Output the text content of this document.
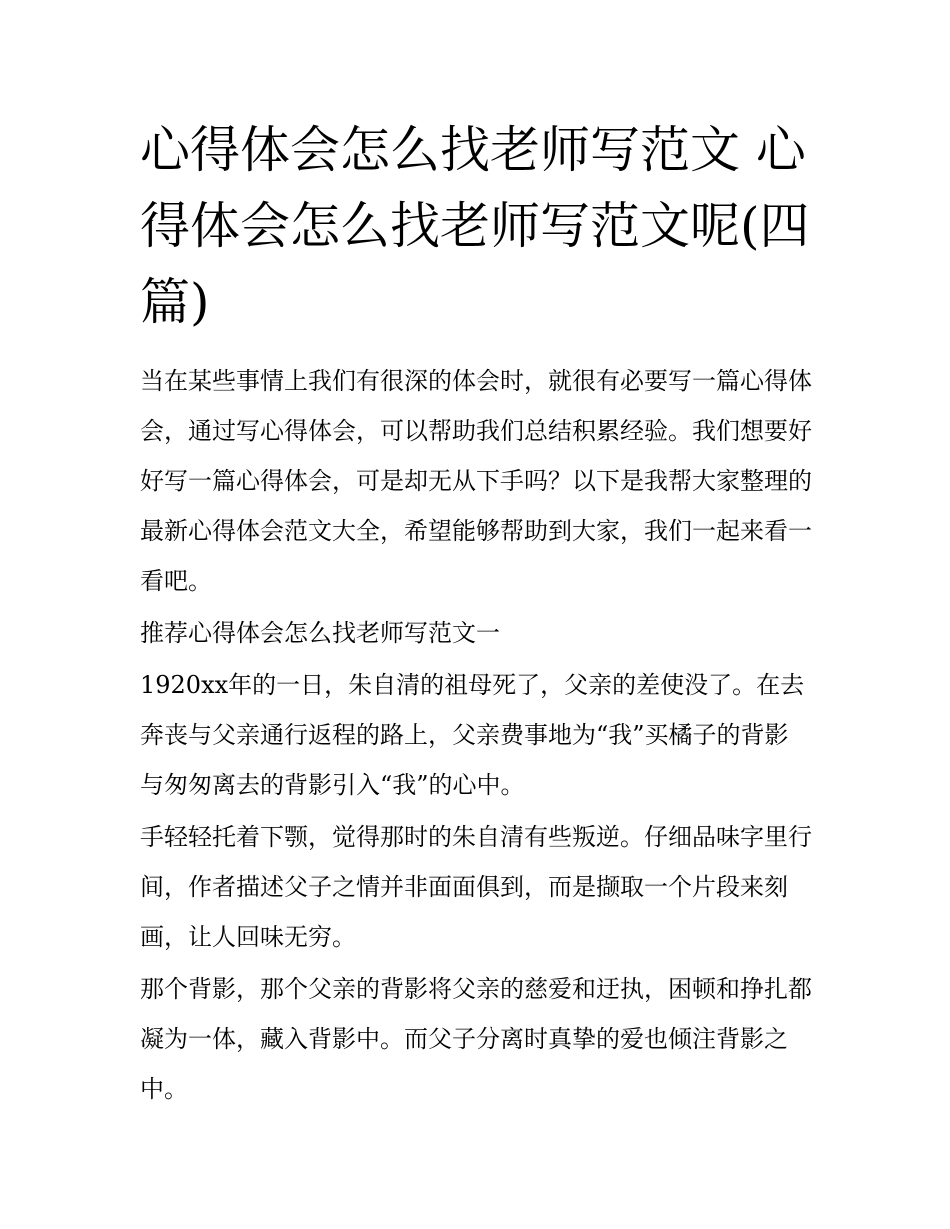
心得体会怎么找老师写范文 心得体会怎么找老师写范文呢(四篇)

当在某些事情上我们有很深的体会时，就很有必要写一篇心得体会，通过写心得体会，可以帮助我们总结积累经验。我们想要好好写一篇心得体会，可是却无从下手吗？以下是我帮大家整理的最新心得体会范文大全，希望能够帮助到大家，我们一起来看一看吧。

推荐心得体会怎么找老师写范文一

1920xx年的一日，朱自清的祖母死了，父亲的差使没了。在去奔丧与父亲通行返程的路上，父亲费事地为“我”买橘子的背影与匆匆离去的背影引入“我”的心中。

手轻轻托着下颚，觉得那时的朱自清有些叛逆。仔细品味字里行间，作者描述父子之情并非面面俱到，而是撷取一个片段来刻画，让人回味无穷。

那个背影，那个父亲的背影将父亲的慈爱和迂执，困顿和挣扎都凝为一体，藏入背影中。而父子分离时真挚的爱也倾注背影之中。
